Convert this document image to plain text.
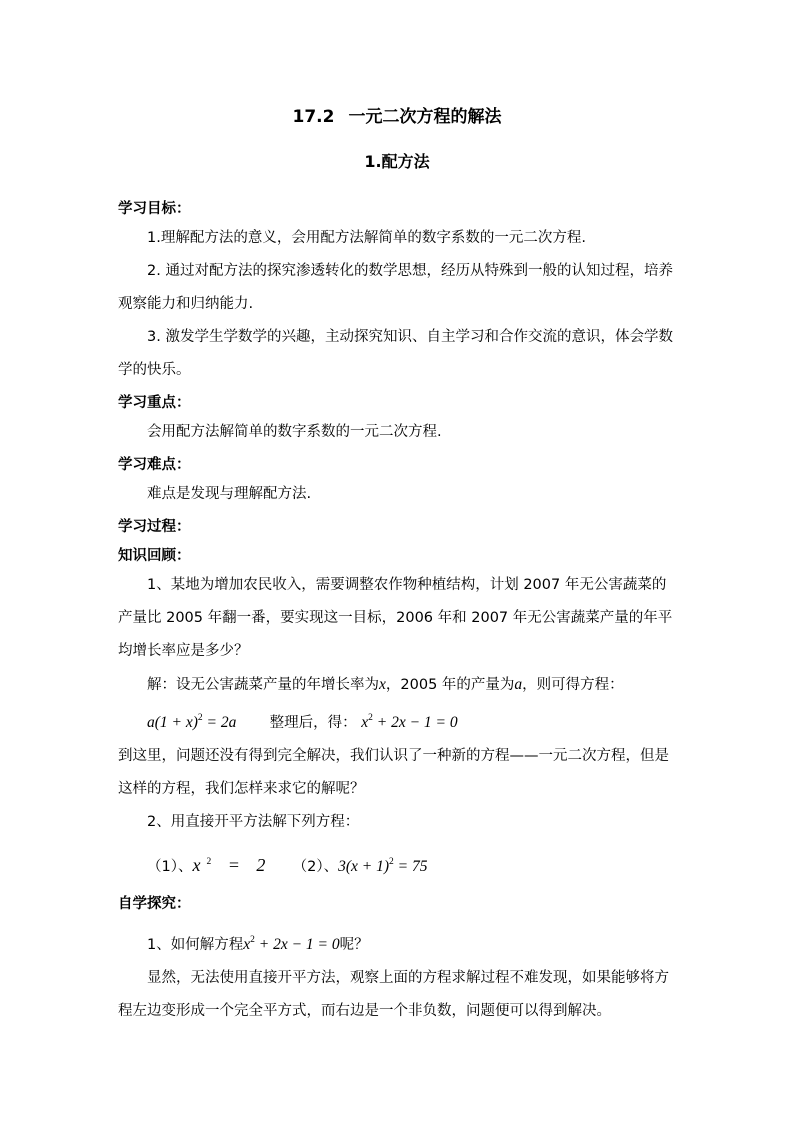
17.2 一元二次方程的解法
1.配方法
学习目标：
1.理解配方法的意义，会用配方法解简单的数字系数的一元二次方程.
2. 通过对配方法的探究渗透转化的数学思想，经历从特殊到一般的认知过程，培养观察能力和归纳能力.
3. 激发学生学数学的兴趣，主动探究知识、自主学习和合作交流的意识，体会学数学的快乐。
学习重点：
会用配方法解简单的数字系数的一元二次方程.
学习难点：
难点是发现与理解配方法.
学习过程：
知识回顾：
1、某地为增加农民收入，需要调整农作物种植结构，计划 2007 年无公害蔬菜的产量比 2005 年翻一番，要实现这一目标，2006 年和 2007 年无公害蔬菜产量的年平均增长率应是多少？
解：设无公害蔬菜产量的年增长率为x，2005 年的产量为a，则可得方程：
$a(1 + x)^2 = 2a$ 整理后，得： $x^2 + 2x - 1 = 0$
到这里，问题还没有得到完全解决，我们认识了一种新的方程——一元二次方程，但是这样的方程，我们怎样来求它的解呢？
2、用直接开平方法解下列方程：
（1）、$x^2 = 2$ （2）、$3(x + 1)^2 = 75$
自学探究：
1、如何解方程$x^2 + 2x - 1 = 0$呢？
显然，无法使用直接开平方法，观察上面的方程求解过程不难发现，如果能够将方程左边变形成一个完全平方式，而右边是一个非负数，问题便可以得到解决。
